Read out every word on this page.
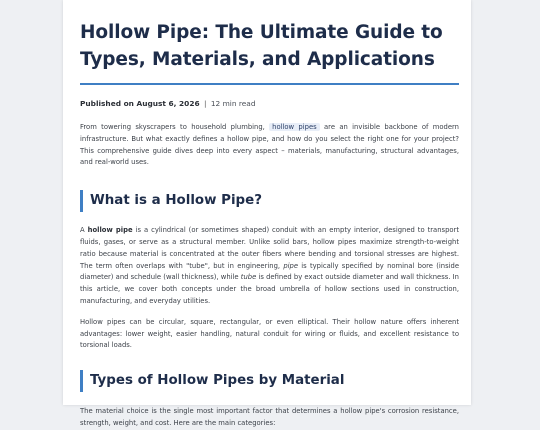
Hollow Pipe: The Ultimate Guide to Types, Materials, and Applications
Published on August 6, 2026 | 12 min read

From towering skyscrapers to household plumbing, hollow pipes are an invisible backbone of modern infrastructure. But what exactly defines a hollow pipe, and how do you select the right one for your project? This comprehensive guide dives deep into every aspect – materials, manufacturing, structural advantages, and real-world uses.

What is a Hollow Pipe?

A hollow pipe is a cylindrical (or sometimes shaped) conduit with an empty interior, designed to transport fluids, gases, or serve as a structural member. Unlike solid bars, hollow pipes maximize strength-to-weight ratio because material is concentrated at the outer fibers where bending and torsional stresses are highest. The term often overlaps with "tube", but in engineering, pipe is typically specified by nominal bore (inside diameter) and schedule (wall thickness), while tube is defined by exact outside diameter and wall thickness. In this article, we cover both concepts under the broad umbrella of hollow sections used in construction, manufacturing, and everyday utilities.

Hollow pipes can be circular, square, rectangular, or even elliptical. Their hollow nature offers inherent advantages: lower weight, easier handling, natural conduit for wiring or fluids, and excellent resistance to torsional loads.

Types of Hollow Pipes by Material

The material choice is the single most important factor that determines a hollow pipe's corrosion resistance, strength, weight, and cost. Here are the main categories:
